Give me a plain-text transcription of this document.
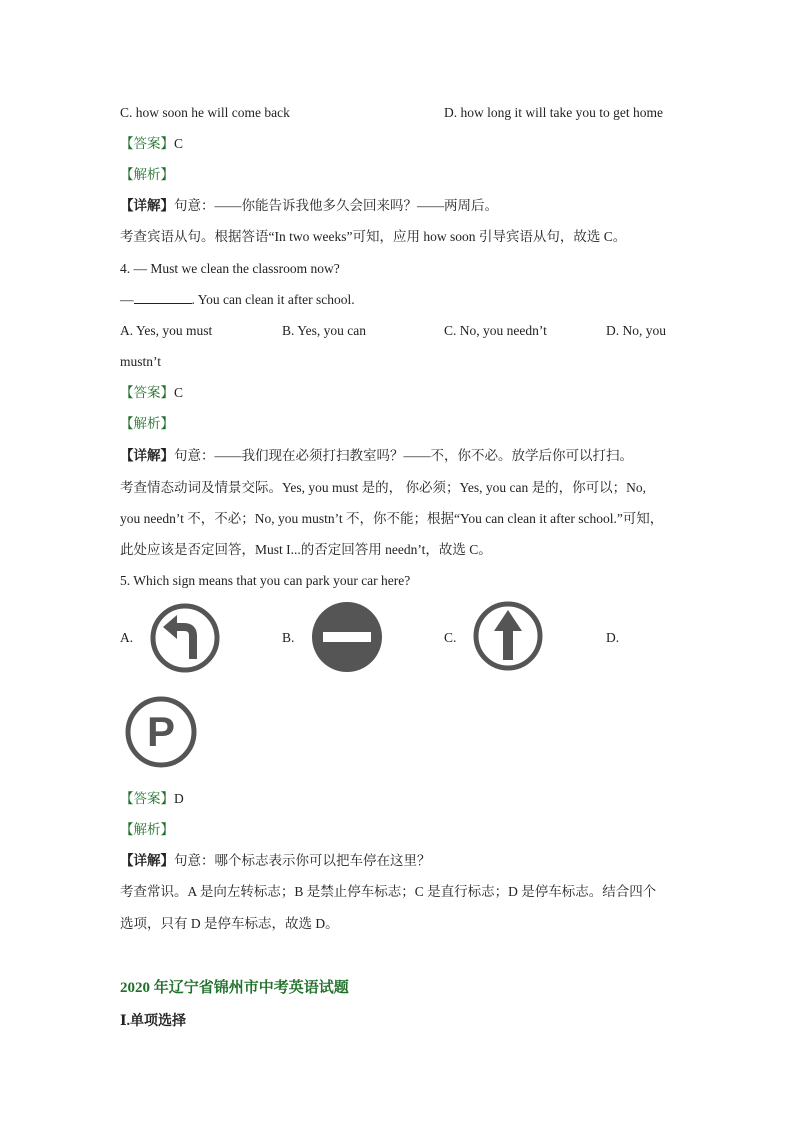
C. how soon he will come back	D. how long it will take you to get home
【答案】C
【解析】
【详解】句意：——你能告诉我他多久会回来吗？——两周后。
考查宾语从句。根据答语“In two weeks”可知，应用 how soon 引导宾语从句，故选 C。
4. — Must we clean the classroom now?
—	. You can clean it after school.
A. Yes, you must	B. Yes, you can	C. No, you needn’t	D. No, you
mustn’t
【答案】C
【解析】
【详解】句意：——我们现在必须打扫教室吗？——不，你不必。放学后你可以打扫。
考查情态动词及情景交际。Yes, you must 是的， 你必须；Yes, you can 是的，你可以；No,
you needn’t 不，不必；No, you mustn’t 不，你不能；根据“You can clean it after school.”可知，
此处应该是否定回答，Must I...的否定回答用 needn’t，故选 C。
5. Which sign means that you can park your car here?
A.	B.	C.	D.
P
【答案】D
【解析】
【详解】句意：哪个标志表示你可以把车停在这里？
考查常识。A 是向左转标志；B 是禁止停车标志；C 是直行标志；D 是停车标志。结合四个
选项，只有 D 是停车标志，故选 D。
2020 年辽宁省锦州市中考英语试题
Ⅰ.单项选择
